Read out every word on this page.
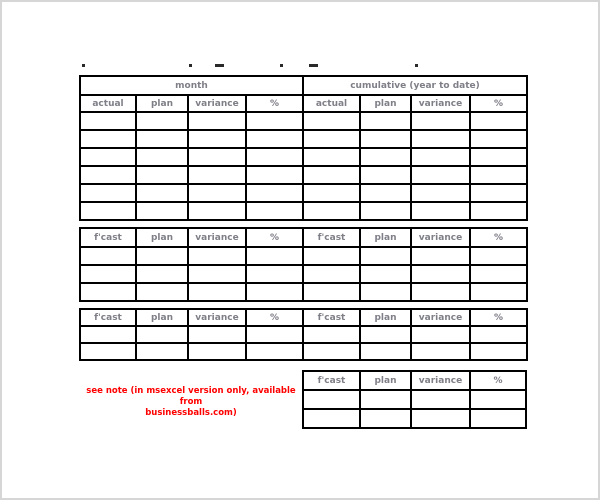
month				cumulative (year to date)			
actual	plan	variance	%	actual	plan	variance	%

f'cast	plan	variance	%	f'cast	plan	variance	%

f'cast	plan	variance	%	f'cast	plan	variance	%

see note (in msexcel version only, available from
businessballs.com)
f'cast	plan	variance	%
